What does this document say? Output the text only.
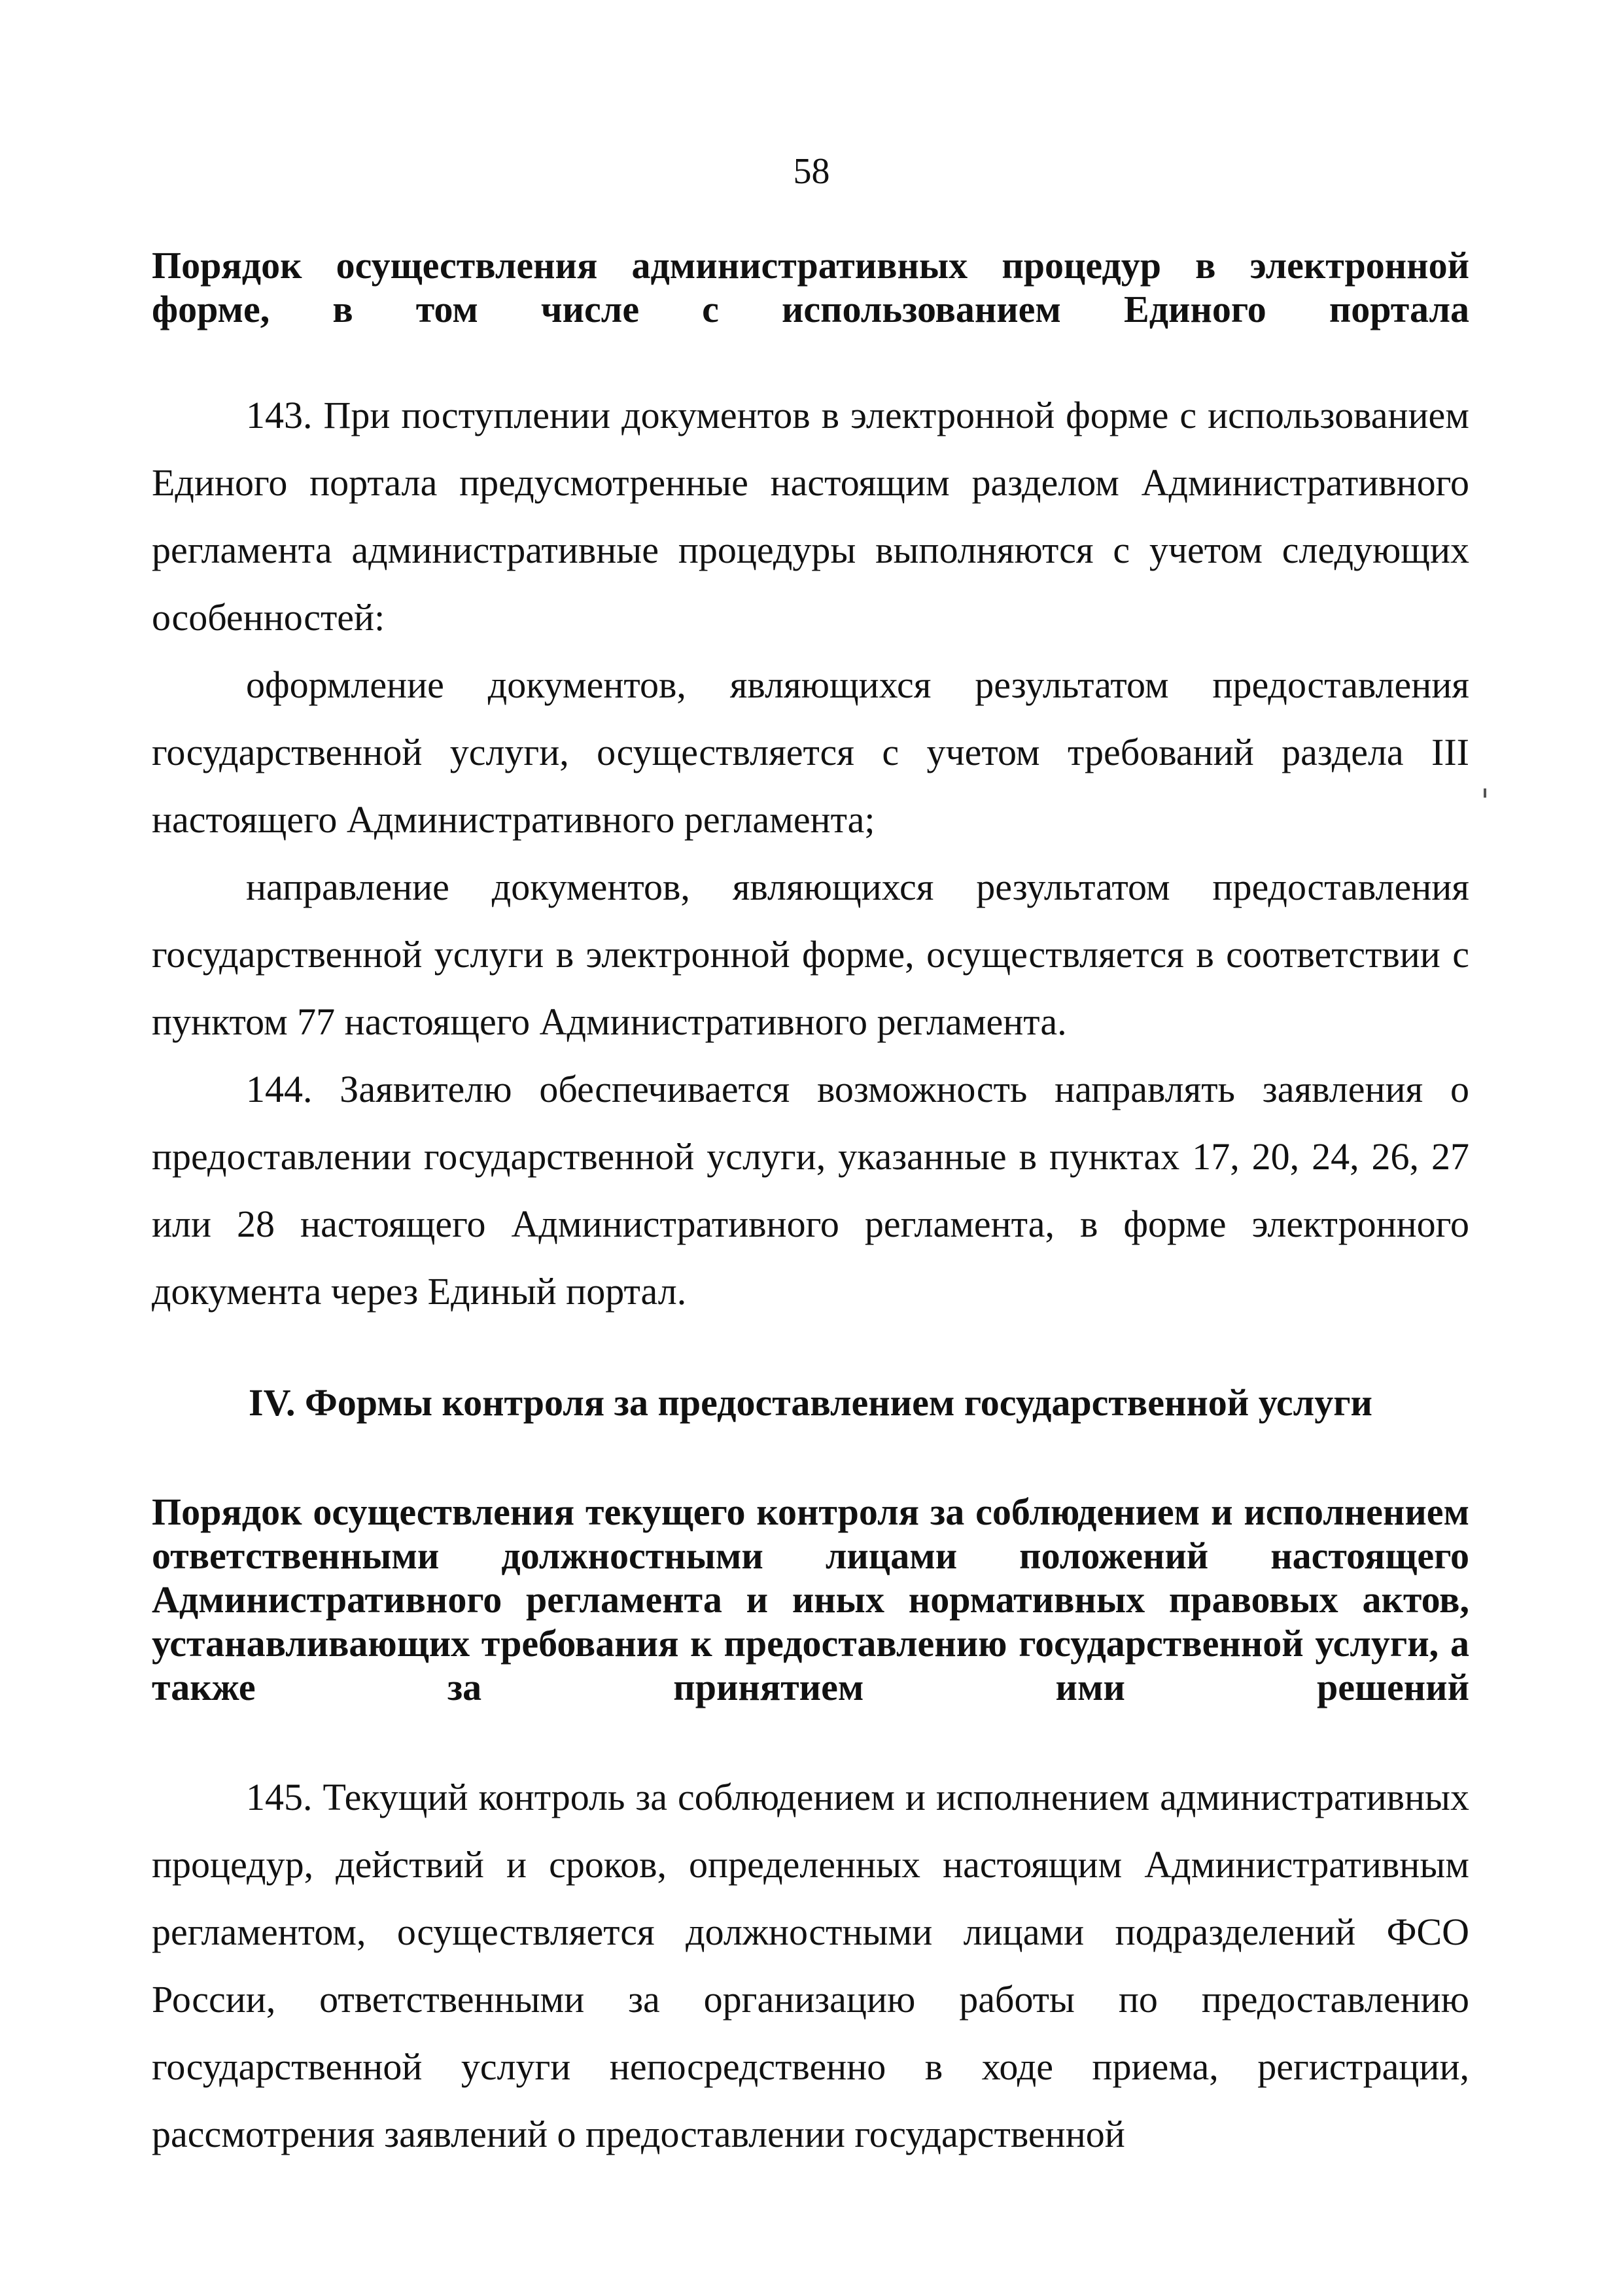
58
Порядок осуществления административных процедур в электронной форме, в том числе с использованием Единого портала

143. При поступлении документов в электронной форме с использованием Единого портала предусмотренные настоящим разделом Административного регламента административные процедуры выполняются с учетом следующих особенностей:

оформление документов, являющихся результатом предоставления государственной услуги, осуществляется с учетом требований раздела III настоящего Административного регламента;

направление документов, являющихся результатом предоставления государственной услуги в электронной форме, осуществляется в соответствии с пунктом 77 настоящего Административного регламента.

144. Заявителю обеспечивается возможность направлять заявления о предоставлении государственной услуги, указанные в пунктах 17, 20, 24, 26, 27 или 28 настоящего Административного регламента, в форме электронного документа через Единый портал.

IV. Формы контроля за предоставлением государственной услуги
Порядок осуществления текущего контроля за соблюдением и исполнением ответственными должностными лицами положений настоящего Административного регламента и иных нормативных правовых актов, устанавливающих требования к предоставлению государственной услуги, а также за принятием ими решений

145. Текущий контроль за соблюдением и исполнением административных процедур, действий и сроков, определенных настоящим Административным регламентом, осуществляется должностными лицами подразделений ФСО России, ответственными за организацию работы по предоставлению государственной услуги непосредственно в ходе приема, регистрации, рассмотрения заявлений о предоставлении государственной
